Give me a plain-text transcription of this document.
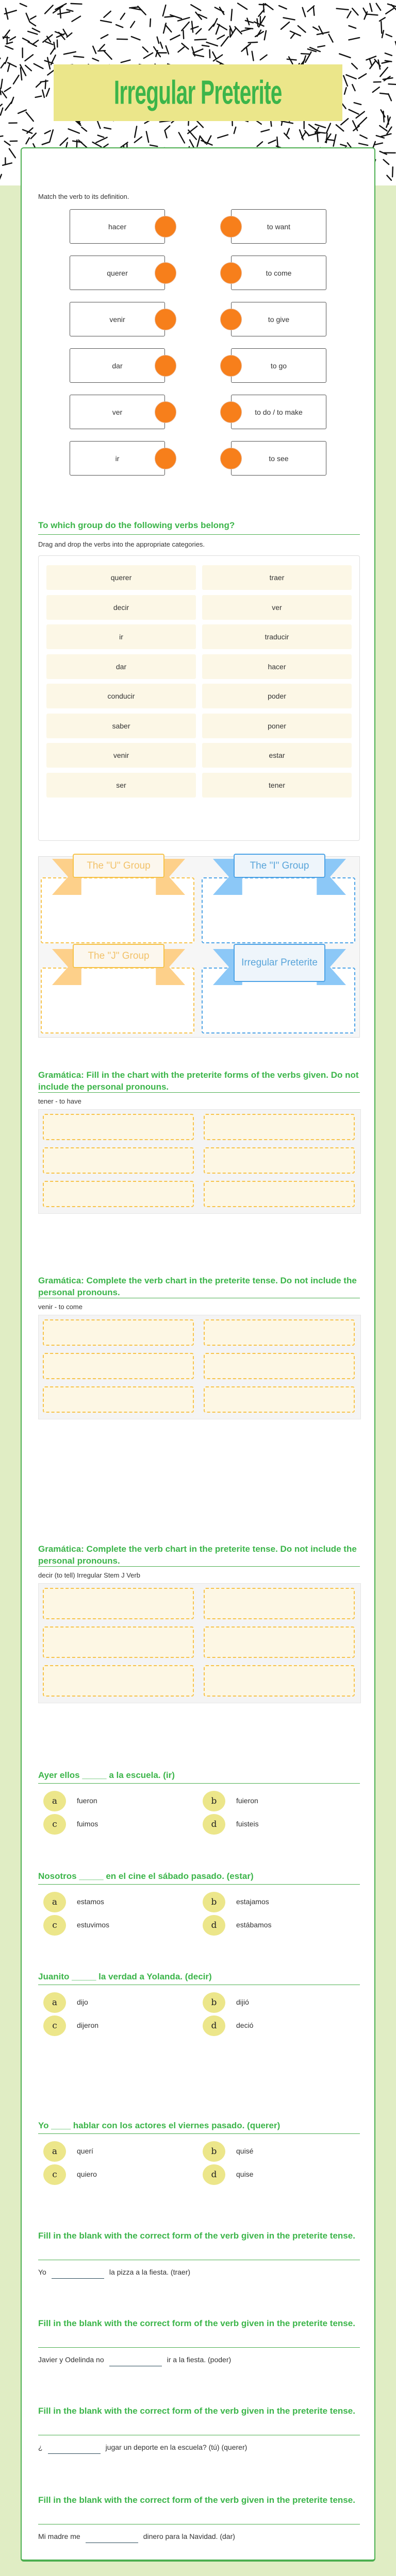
Irregular Preterite
Match the verb to its definition.
hacer	to want
querer	to come
venir	to give
dar	to go
ver	to do / to make
ir	to see
To which group do the following verbs belong?
Drag and drop the verbs into the appropriate categories.
querer	traer
decir	ver
ir	traducir
dar	hacer
conducir	poder
saber	poner
venir	estar
ser	tener
The "U" Group	The "I" Group
The "J" Group
Irregular Preterite
Gramática: Fill in the chart with the preterite forms of the verbs given. Do not include the personal pronouns.
tener - to have
Gramática: Complete the verb chart in the preterite tense. Do not include the personal pronouns.
venir - to come
Gramática: Complete the verb chart in the preterite tense. Do not include the personal pronouns.
decir (to tell) Irregular Stem J Verb
Ayer ellos _____ a la escuela. (ir)
a	fueron	b	fuieron
c	fuimos	d	fuisteis
Nosotros _____ en el cine el sábado pasado. (estar)
a	estamos	b	estajamos
c	estuvimos	d	estábamos
Juanito _____ la verdad a Yolanda. (decir)
a	dijo	b	dijió
c	dijeron	d	deció
Yo ____ hablar con los actores el viernes pasado. (querer)
a	querí	b	quisé
c	quiero	d	quise
Fill in the blank with the correct form of the verb given in the preterite tense.
Yo	la pizza a la fiesta. (traer)
Fill in the blank with the correct form of the verb given in the preterite tense.
Javier y Odelinda no	ir a la fiesta. (poder)
Fill in the blank with the correct form of the verb given in the preterite tense.
¿	jugar un deporte en la escuela? (tú) (querer)
Fill in the blank with the correct form of the verb given in the preterite tense.
Mi madre me	dinero para la Navidad. (dar)
